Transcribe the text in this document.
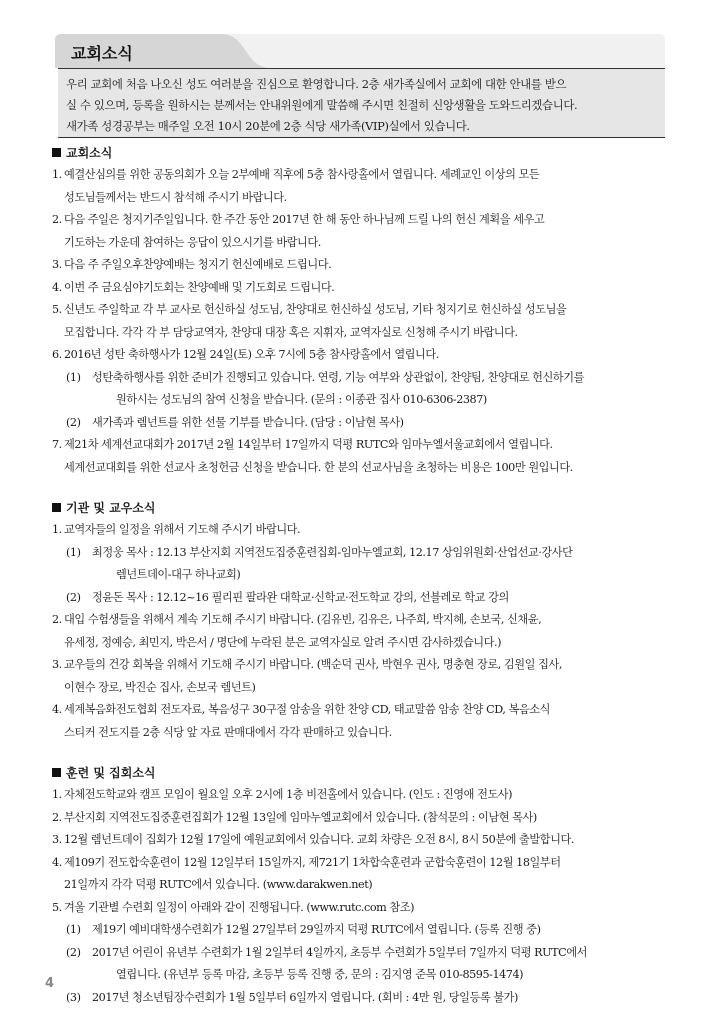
교회소식
우리 교회에 처음 나오신 성도 여러분을 진심으로 환영합니다. 2층 새가족실에서 교회에 대한 안내를 받으
실 수 있으며, 등록을 원하시는 분께서는 안내위원에게 말씀해 주시면 친절히 신앙생활을 도와드리겠습니다.
새가족 성경공부는 매주일 오전 10시 20분에 2층 식당 새가족(VIP)실에서 있습니다.
교회소식
1. 예결산심의를 위한 공동의회가 오늘 2부예배 직후에 5층 참사랑홀에서 열립니다. 세례교인 이상의 모든
성도님들께서는 반드시 참석해 주시기 바랍니다.
2. 다음 주일은 청지기주일입니다. 한 주간 동안 2017년 한 해 동안 하나님께 드릴 나의 헌신 계획을 세우고
기도하는 가운데 참여하는 응답이 있으시기를 바랍니다.
3. 다음 주 주일오후찬양예배는 청지기 헌신예배로 드립니다.
4. 이번 주 금요심야기도회는 찬양예배 및 기도회로 드립니다.
5. 신년도 주일학교 각 부 교사로 헌신하실 성도님, 찬양대로 헌신하실 성도님, 기타 청지기로 헌신하실 성도님을
모집합니다. 각각 각 부 담당교역자, 찬양대 대장 혹은 지휘자, 교역자실로 신청해 주시기 바랍니다.
6. 2016년 성탄 축하행사가 12월 24일(토) 오후 7시에 5층 참사랑홀에서 열립니다.
(1)	성탄축하행사를 위한 준비가 진행되고 있습니다. 연령, 기능 여부와 상관없이, 찬양팀, 찬양대로 헌신하기를
원하시는 성도님의 참여 신청을 받습니다. (문의 : 이종관 집사 010-6306-2387)
(2)	새가족과 렘넌트를 위한 선물 기부를 받습니다. (담당 : 이남현 목사)
7. 제21차 세계선교대회가 2017년 2월 14일부터 17일까지 덕평 RUTC와 임마누엘서울교회에서 열립니다.
세계선교대회를 위한 선교사 초청헌금 신청을 받습니다. 한 분의 선교사님을 초청하는 비용은 100만 원입니다.
기관 및 교우소식
1. 교역자들의 일정을 위해서 기도해 주시기 바랍니다.
(1)	최정웅 목사 : 12.13 부산지회 지역전도집중훈련집회-임마누엘교회, 12.17 상임위원회·산업선교·강사단
렘넌트데이-대구 하나교회)
(2)	정윤돈 목사 : 12.12~16 필리핀 팔라완 대학교·신학교·전도학교 강의, 선블레로 학교 강의
2. 대입 수험생들을 위해서 계속 기도해 주시기 바랍니다. (김유빈, 김유은, 나주희, 박지혜, 손보국, 신채윤,
유세정, 정예승, 최민지, 박은서 / 명단에 누락된 분은 교역자실로 알려 주시면 감사하겠습니다.)
3. 교우들의 건강 회복을 위해서 기도해 주시기 바랍니다. (백순덕 권사, 박현우 권사, 명충현 장로, 김원일 집사,
이현수 장로, 박진순 집사, 손보국 렘넌트)
4. 세계복음화전도협회 전도자료, 복음성구 30구절 암송을 위한 찬양 CD, 태교말씀 암송 찬양 CD, 복음소식
스티커 전도지를 2층 식당 앞 자료 판매대에서 각각 판매하고 있습니다.
훈련 및 집회소식
1. 자체전도학교와 캠프 모임이 월요일 오후 2시에 1층 비전홀에서 있습니다. (인도 : 진영애 전도사)
2. 부산지회 지역전도집중훈련집회가 12월 13일에 임마누엘교회에서 있습니다. (참석문의 : 이남현 목사)
3. 12월 렘넌트데이 집회가 12월 17일에 예원교회에서 있습니다. 교회 차량은 오전 8시, 8시 50분에 출발합니다.
4. 제109기 전도합숙훈련이 12월 12일부터 15일까지, 제721기 1차합숙훈련과 군합숙훈련이 12월 18일부터
21일까지 각각 덕평 RUTC에서 있습니다. (www.darakwen.net)
5. 겨울 기관별 수련회 일정이 아래와 같이 진행됩니다. (www.rutc.com 참조)
(1)	제19기 예비대학생수련회가 12월 27일부터 29일까지 덕평 RUTC에서 열립니다. (등록 진행 중)
(2)	2017년 어린이 유년부 수련회가 1월 2일부터 4일까지, 초등부 수련회가 5일부터 7일까지 덕평 RUTC에서
열립니다. (유년부 등록 마감, 초등부 등록 진행 중, 문의 : 김지영 준목 010-8595-1474)
(3)	2017년 청소년팀장수련회가 1월 5일부터 6일까지 열립니다. (회비 : 4만 원, 당일등록 불가)
4
